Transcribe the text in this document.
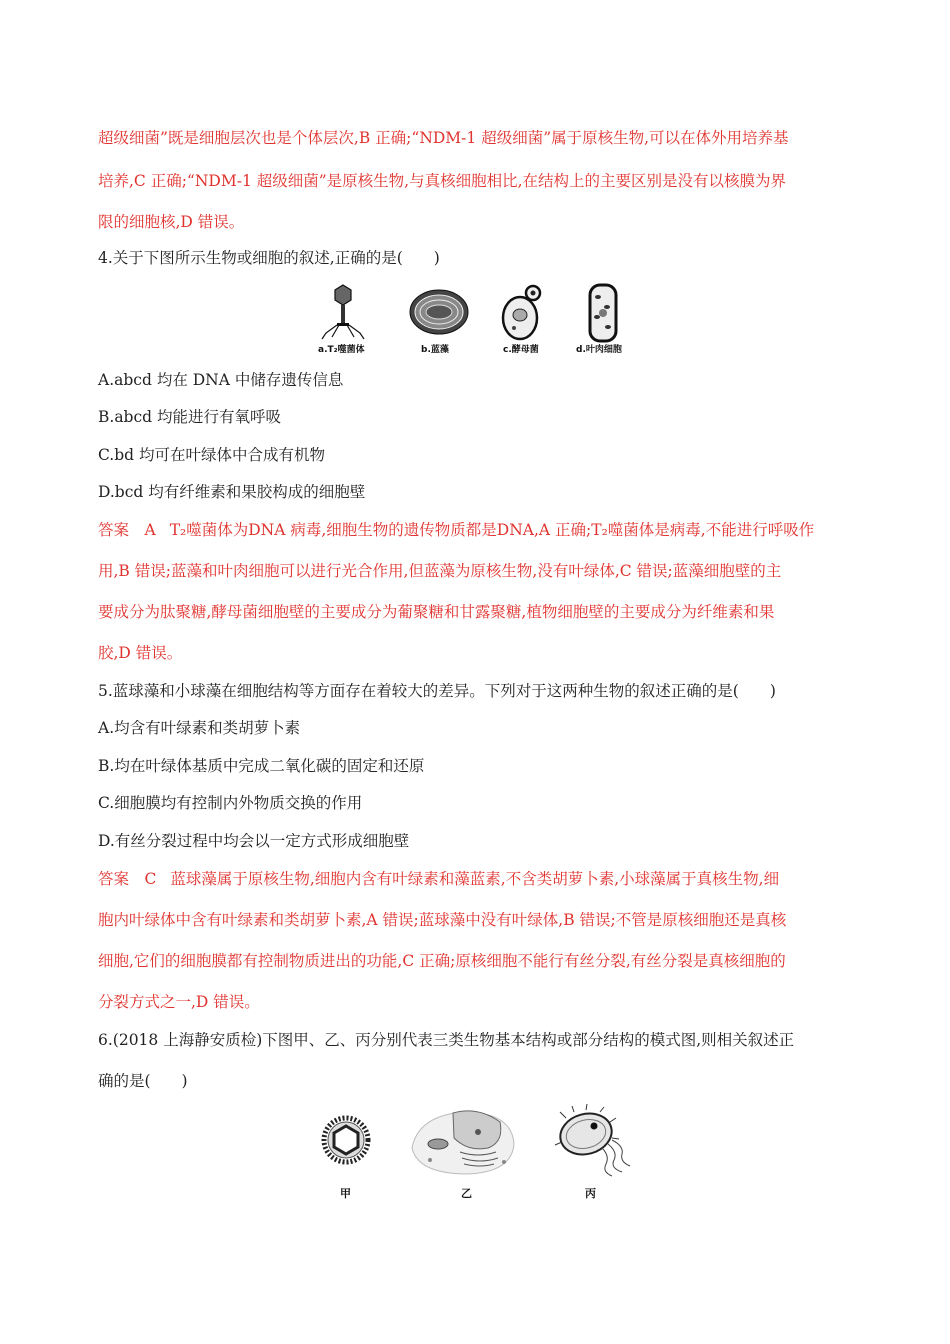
超级细菌”既是细胞层次也是个体层次,B 正确;“NDM-1 超级细菌”属于原核生物,可以在体外用培养基
培养,C 正确;“NDM-1 超级细菌”是原核生物,与真核细胞相比,在结构上的主要区别是没有以核膜为界
限的细胞核,D 错误。
4.关于下图所示生物或细胞的叙述,正确的是(　　)
a.T₂噬菌体	b.蓝藻	c.酵母菌	d.叶肉细胞
A.abcd 均在 DNA 中储存遗传信息
B.abcd 均能进行有氧呼吸
C.bd 均可在叶绿体中合成有机物
D.bcd 均有纤维素和果胶构成的细胞壁
答案　A T₂噬菌体为DNA 病毒,细胞生物的遗传物质都是DNA,A 正确;T₂噬菌体是病毒,不能进行呼吸作
用,B 错误;蓝藻和叶肉细胞可以进行光合作用,但蓝藻为原核生物,没有叶绿体,C 错误;蓝藻细胞壁的主
要成分为肽聚糖,酵母菌细胞壁的主要成分为葡聚糖和甘露聚糖,植物细胞壁的主要成分为纤维素和果
胶,D 错误。
5.蓝球藻和小球藻在细胞结构等方面存在着较大的差异。下列对于这两种生物的叙述正确的是(　　)
A.均含有叶绿素和类胡萝卜素
B.均在叶绿体基质中完成二氧化碳的固定和还原
C.细胞膜均有控制内外物质交换的作用
D.有丝分裂过程中均会以一定方式形成细胞壁
答案　C 蓝球藻属于原核生物,细胞内含有叶绿素和藻蓝素,不含类胡萝卜素,小球藻属于真核生物,细
胞内叶绿体中含有叶绿素和类胡萝卜素,A 错误;蓝球藻中没有叶绿体,B 错误;不管是原核细胞还是真核
细胞,它们的细胞膜都有控制物质进出的功能,C 正确;原核细胞不能行有丝分裂,有丝分裂是真核细胞的
分裂方式之一,D 错误。
6.(2018 上海静安质检)下图甲、乙、丙分别代表三类生物基本结构或部分结构的模式图,则相关叙述正
确的是(　　)
甲	乙	丙
